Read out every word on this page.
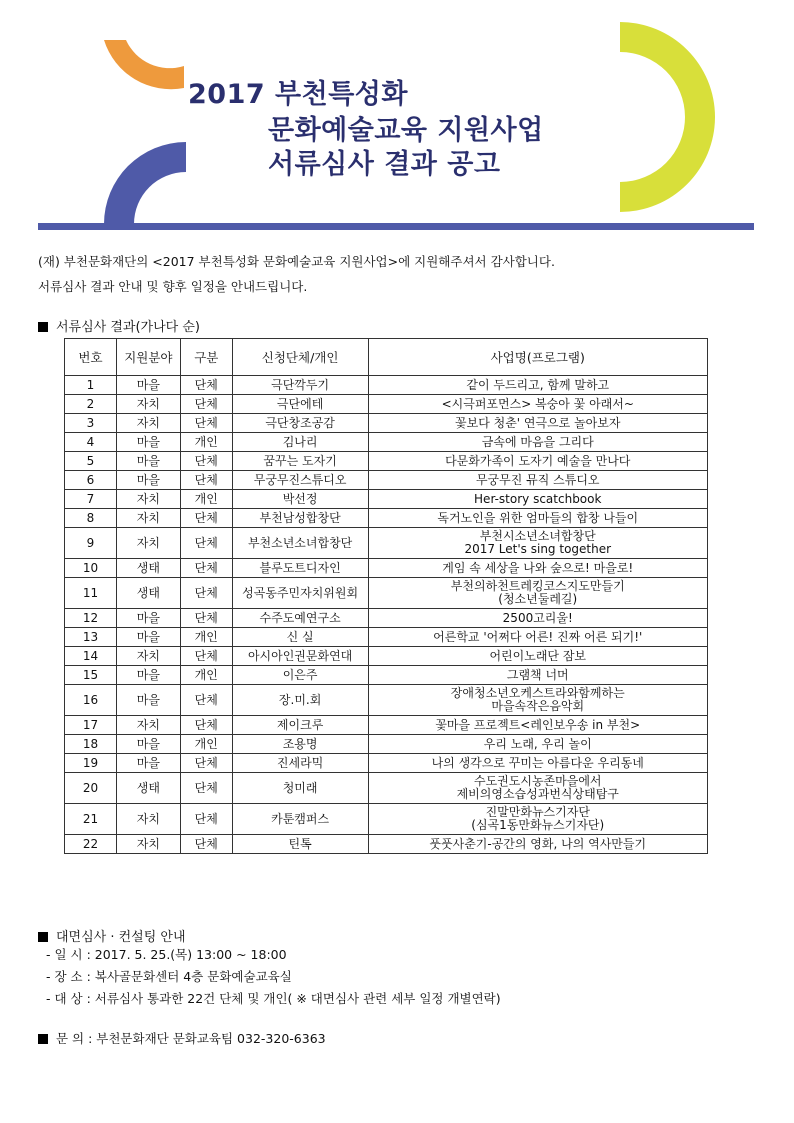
2017 부천특성화
문화예술교육 지원사업
서류심사 결과 공고
(재) 부천문화재단의 <2017 부천특성화 문화예술교육 지원사업>에 지원해주셔서 감사합니다.
서류심사 결과 안내 및 향후 일정을 안내드립니다.
서류심사 결과(가나다 순)
번호	지원분야	구분	신청단체/개인	사업명(프로그램)
1	마을	단체	극단깍두기	같이 두드리고, 함께 말하고

2	자치	단체	극단에테	<시극퍼포먼스> 복숭아 꽃 아래서~

3	자치	단체	극단창조공감	꽃보다 청춘' 연극으로 놀아보자

4	마을	개인	김나리	금속에 마음을 그리다

5	마을	단체	꿈꾸는 도자기	다문화가족이 도자기 예술을 만나다

6	마을	단체	무궁무진스튜디오	무궁무진 뮤직 스튜디오

7	자치	개인	박선정	Her-story scatchbook

8	자치	단체	부천남성합창단	독거노인을 위한 엄마들의 합창 나들이

9	자치	단체	부천소년소녀합창단	부천시소년소녀합창단
2017 Let's sing together

10	생태	단체	블루도트디자인	게임 속 세상을 나와 숲으로! 마을로!

11	생태	단체	성곡동주민자치위원회	부천의하천트레킹코스지도만들기
(청소년둘레길)

12	마을	단체	수주도예연구소	2500고리울!

13	마을	개인	신 실	어른학교 '어쩌다 어른! 진짜 어른 되기!'

14	자치	단체	아시아인권문화연대	어린이노래단 잠보

15	마을	개인	이은주	그램책 너머

16	마을	단체	장.미.회	장애청소년오케스트라와함께하는
마을속작은음악회

17	자치	단체	제이크루	꽃마을 프로젝트<레인보우송 in 부천>

18	마을	개인	조용명	우리 노래, 우리 놀이

19	마을	단체	진세라믹	나의 생각으로 꾸미는 아름다운 우리동네

20	생태	단체	청미래	수도권도시농존마을에서
제비의영소습성과번식상태탐구

21	자치	단체	카툰캠퍼스	진말만화뉴스기자단
(심곡1동만화뉴스기자단)

22	자치	단체	틴톡	풋풋사춘기-공간의 영화, 나의 역사만들기
대면심사 · 컨설팅 안내
- 일 시 : 2017. 5. 25.(목) 13:00 ~ 18:00
- 장 소 : 복사골문화센터 4층 문화예술교육실
- 대 상 : 서류심사 통과한 22건 단체 및 개인( ※ 대면심사 관련 세부 일정 개별연락)
문 의 : 부천문화재단 문화교육팀 032-320-6363
